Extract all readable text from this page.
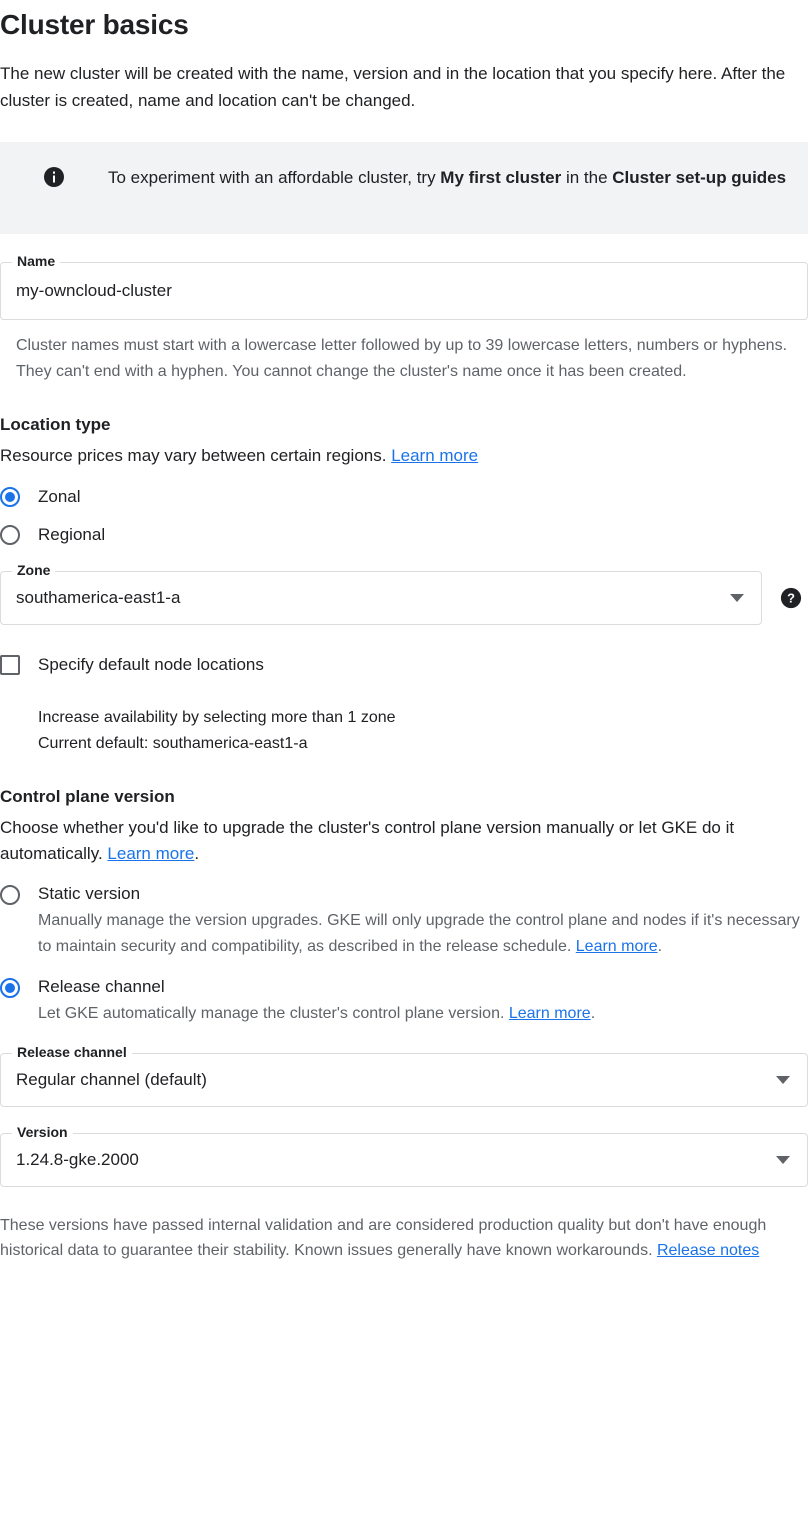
Cluster basics

The new cluster will be created with the name, version and in the location that you specify here. After the cluster is created, name and location can't be changed.

To experiment with an affordable cluster, try My first cluster in the Cluster set-up guides
Name
my-owncloud-cluster
Cluster names must start with a lowercase letter followed by up to 39 lowercase letters, numbers or hyphens. They can't end with a hyphen. You cannot change the cluster's name once it has been created.
Location type
Resource prices may vary between certain regions. Learn more
Zonal
Regional
Zone
southamerica-east1-a	?
Specify default node locations
Increase availability by selecting more than 1 zone
Current default: southamerica-east1-a
Control plane version
Choose whether you'd like to upgrade the cluster's control plane version manually or let GKE do it automatically. Learn more.
Static version
Manually manage the version upgrades. GKE will only upgrade the control plane and nodes if it's necessary to maintain security and compatibility, as described in the release schedule. Learn more.
Release channel
Let GKE automatically manage the cluster's control plane version. Learn more.
Release channel
Regular channel (default)
Version
1.24.8-gke.2000
These versions have passed internal validation and are considered production quality but don't have enough historical data to guarantee their stability. Known issues generally have known workarounds. Release notes
